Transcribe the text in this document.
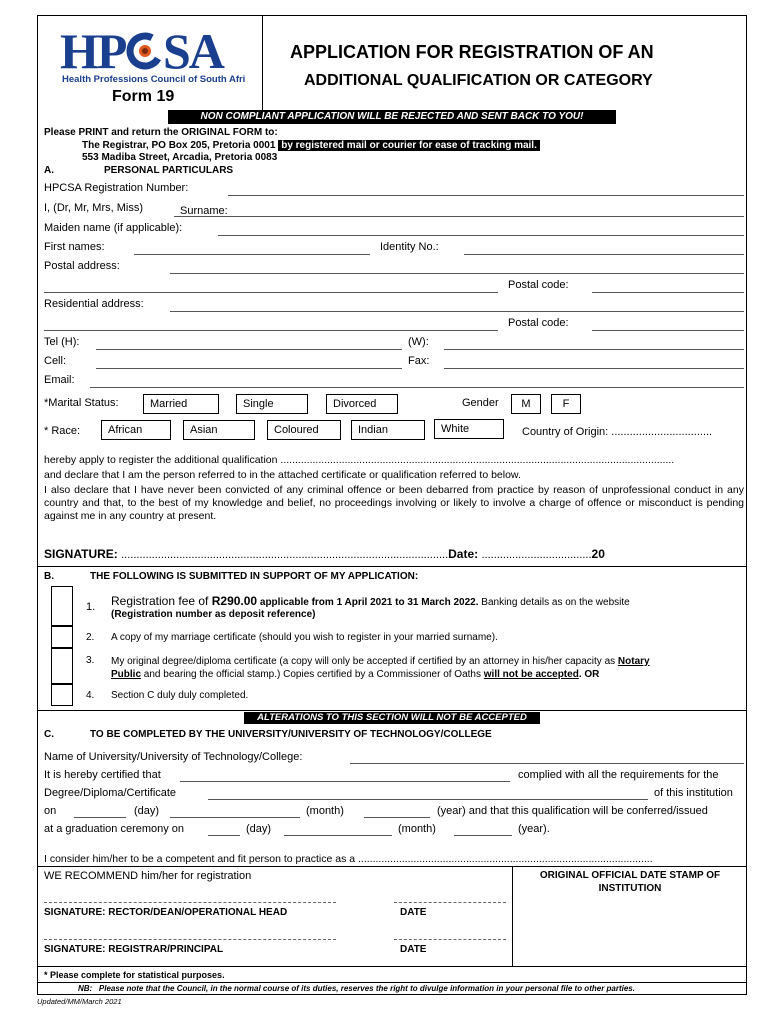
HP SA
Health Professions Council of South Africa
Form 19
APPLICATION FOR REGISTRATION OF AN
ADDITIONAL QUALIFICATION OR CATEGORY
NON COMPLIANT APPLICATION WILL BE REJECTED AND SENT BACK TO YOU!
Please PRINT and return the ORIGINAL FORM to:
The Registrar, PO Box 205, Pretoria 0001 by registered mail or courier for ease of tracking mail.
553 Madiba Street, Arcadia, Pretoria 0083
A.	PERSONAL PARTICULARS
HPCSA Registration Number:
I, (Dr, Mr, Mrs, Miss)	Surname:
Maiden name (if applicable):
First names:	Identity No.:
Postal address:
Postal code:
Residential address:
Postal code:
Tel (H):	(W):
Cell:	Fax:
Email:
*Marital Status:	Married	Single	Divorced	Gender	M	F
* Race:	African	Asian	Coloured	Indian	White	Country of Origin: .................................
hereby apply to register the additional qualification .......................................................................................................................................
and declare that I am the person referred to in the attached certificate or qualification referred to below.
I also declare that I have never been convicted of any criminal offence or been debarred from practice by reason of unprofessional conduct in any country and that, to the best of my knowledge and belief, no proceedings involving or likely to involve a charge of offence or misconduct is pending against me in any country at present.
SIGNATURE: ...........................................................................................................Date: ....................................20
B.	THE FOLLOWING IS SUBMITTED IN SUPPORT OF MY APPLICATION:
1. Registration fee of R290.00 applicable from 1 April 2021 to 31 March 2022. Banking details as on the website
(Registration number as deposit reference)
2. A copy of my marriage certificate (should you wish to register in your married surname).
3. My original degree/diploma certificate (a copy will only be accepted if certified by an attorney in his/her capacity as Notary
Public and bearing the official stamp.) Copies certified by a Commissioner of Oaths will not be accepted. OR
4. Section C duly duly completed.
ALTERATIONS TO THIS SECTION WILL NOT BE ACCEPTED
C.	TO BE COMPLETED BY THE UNIVERSITY/UNIVERSITY OF TECHNOLOGY/COLLEGE
Name of University/University of Technology/College:
It is hereby certified that	complied with all the requirements for the
Degree/Diploma/Certificate	of this institution
on	(day)	(month)	(year) and that this qualification will be conferred/issued
at a graduation ceremony on	(day)	(month)	(year).
I consider him/her to be a competent and fit person to practice as a .....................................................................................................
WE RECOMMEND him/her for registration	ORIGINAL OFFICIAL DATE STAMP OF INSTITUTION
SIGNATURE: RECTOR/DEAN/OPERATIONAL HEAD	DATE
SIGNATURE: REGISTRAR/PRINCIPAL	DATE
* Please complete for statistical purposes.
NB: Please note that the Council, in the normal course of its duties, reserves the right to divulge information in your personal file to other parties.
Updated/MM/March 2021
